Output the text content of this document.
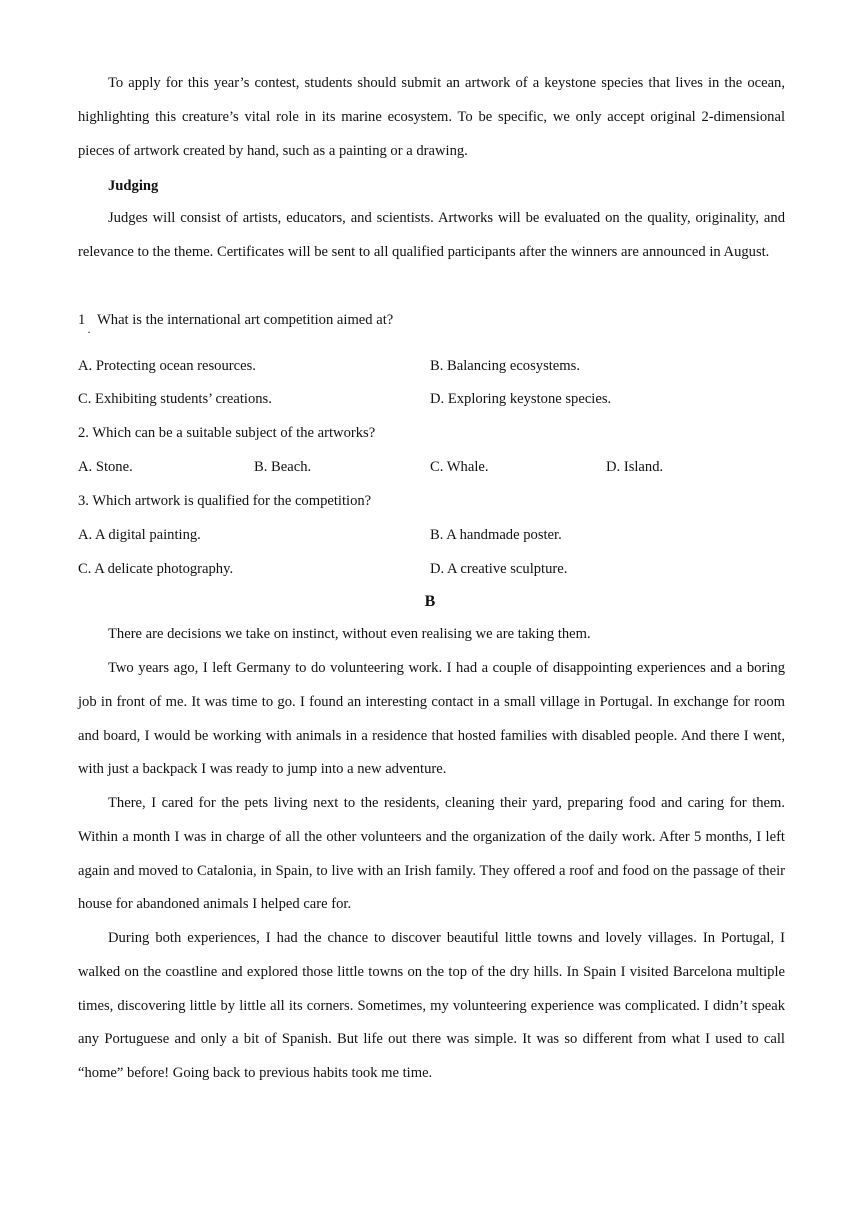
To apply for this year’s contest, students should submit an artwork of a keystone species that lives in the ocean, highlighting this creature’s vital role in its marine ecosystem. To be specific, we only accept original 2-dimensional pieces of artwork created by hand, such as a painting or a drawing.

Judging

Judges will consist of artists, educators, and scientists. Artworks will be evaluated on the quality, originality, and relevance to the theme. Certificates will be sent to all qualified participants after the winners are announced in August.

1
·
What is the international art competition aimed at?
A. Protecting ocean resources.	B. Balancing ecosystems.
C. Exhibiting students’ creations.	D. Exploring keystone species.
2. Which can be a suitable subject of the artworks?
A. Stone.	B. Beach.	C. Whale.	D. Island.
3. Which artwork is qualified for the competition?
A. A digital painting.	B. A handmade poster.
C. A delicate photography.	D. A creative sculpture.

B

There are decisions we take on instinct, without even realising we are taking them.

Two years ago, I left Germany to do volunteering work. I had a couple of disappointing experiences and a boring job in front of me. It was time to go. I found an interesting contact in a small village in Portugal. In exchange for room and board, I would be working with animals in a residence that hosted families with disabled people. And there I went, with just a backpack I was ready to jump into a new adventure.

There, I cared for the pets living next to the residents, cleaning their yard, preparing food and caring for them. Within a month I was in charge of all the other volunteers and the organization of the daily work. After 5 months, I left again and moved to Catalonia, in Spain, to live with an Irish family. They offered a roof and food on the passage of their house for abandoned animals I helped care for.

During both experiences, I had the chance to discover beautiful little towns and lovely villages. In Portugal, I walked on the coastline and explored those little towns on the top of the dry hills. In Spain I visited Barcelona multiple times, discovering little by little all its corners. Sometimes, my volunteering experience was complicated. I didn’t speak any Portuguese and only a bit of Spanish. But life out there was simple. It was so different from what I used to call “home” before! Going back to previous habits took me time.
